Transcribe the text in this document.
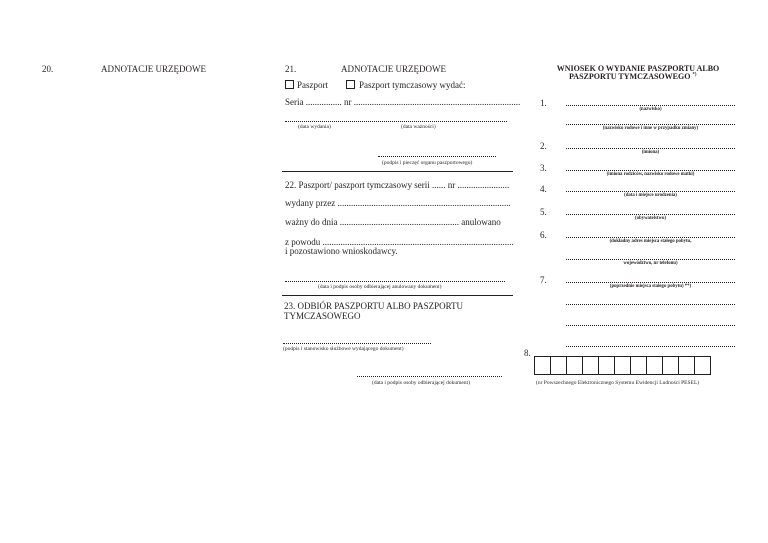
20.	ADNOTACJE URZĘDOWE	21.	ADNOTACJE URZĘDOWE
Paszport	Paszport tymczasowy wydać:
Seria ................ nr ..........................................................................
(data wydania)	(data ważności)
(podpis i pieczęć organu paszportowego)
22. Paszport/ paszport tymczasowy serii ...... nr .......................
wydany przez .............................................................................
ważny do dnia ..................................................... anulowano
z powodu .....................................................................................
i pozostawiono wnioskodawcy.
(data i podpis osoby odbierającej anulowany dokument)
23. ODBIÓR PASZPORTU ALBO PASZPORTU
TYMCZASOWEGO
(podpis i stanowisko służbowe wydającego dokument)
(data i podpis osoby odbierającej dokument)
WNIOSEK O WYDANIE PASZPORTU ALBO
PASZPORTU TYMCZASOWEGO *)
1.
(nazwisko)
(nazwisko rodowe i inne w przypadku zmiany)
2.
(imiona)
3.
(imiona rodziców, nazwisko rodowe matki)
4.
(data i miejsce urodzenia)
5.
(obywatelstwo)
6.
(dokładny adres miejsca stałego pobytu,
województwo, nr telefonu)
7.
(poprzednie miejsca stałego pobytu) **)
8.
(nr Powszechnego Elektronicznego Systemu Ewidencji Ludności PESEL)
